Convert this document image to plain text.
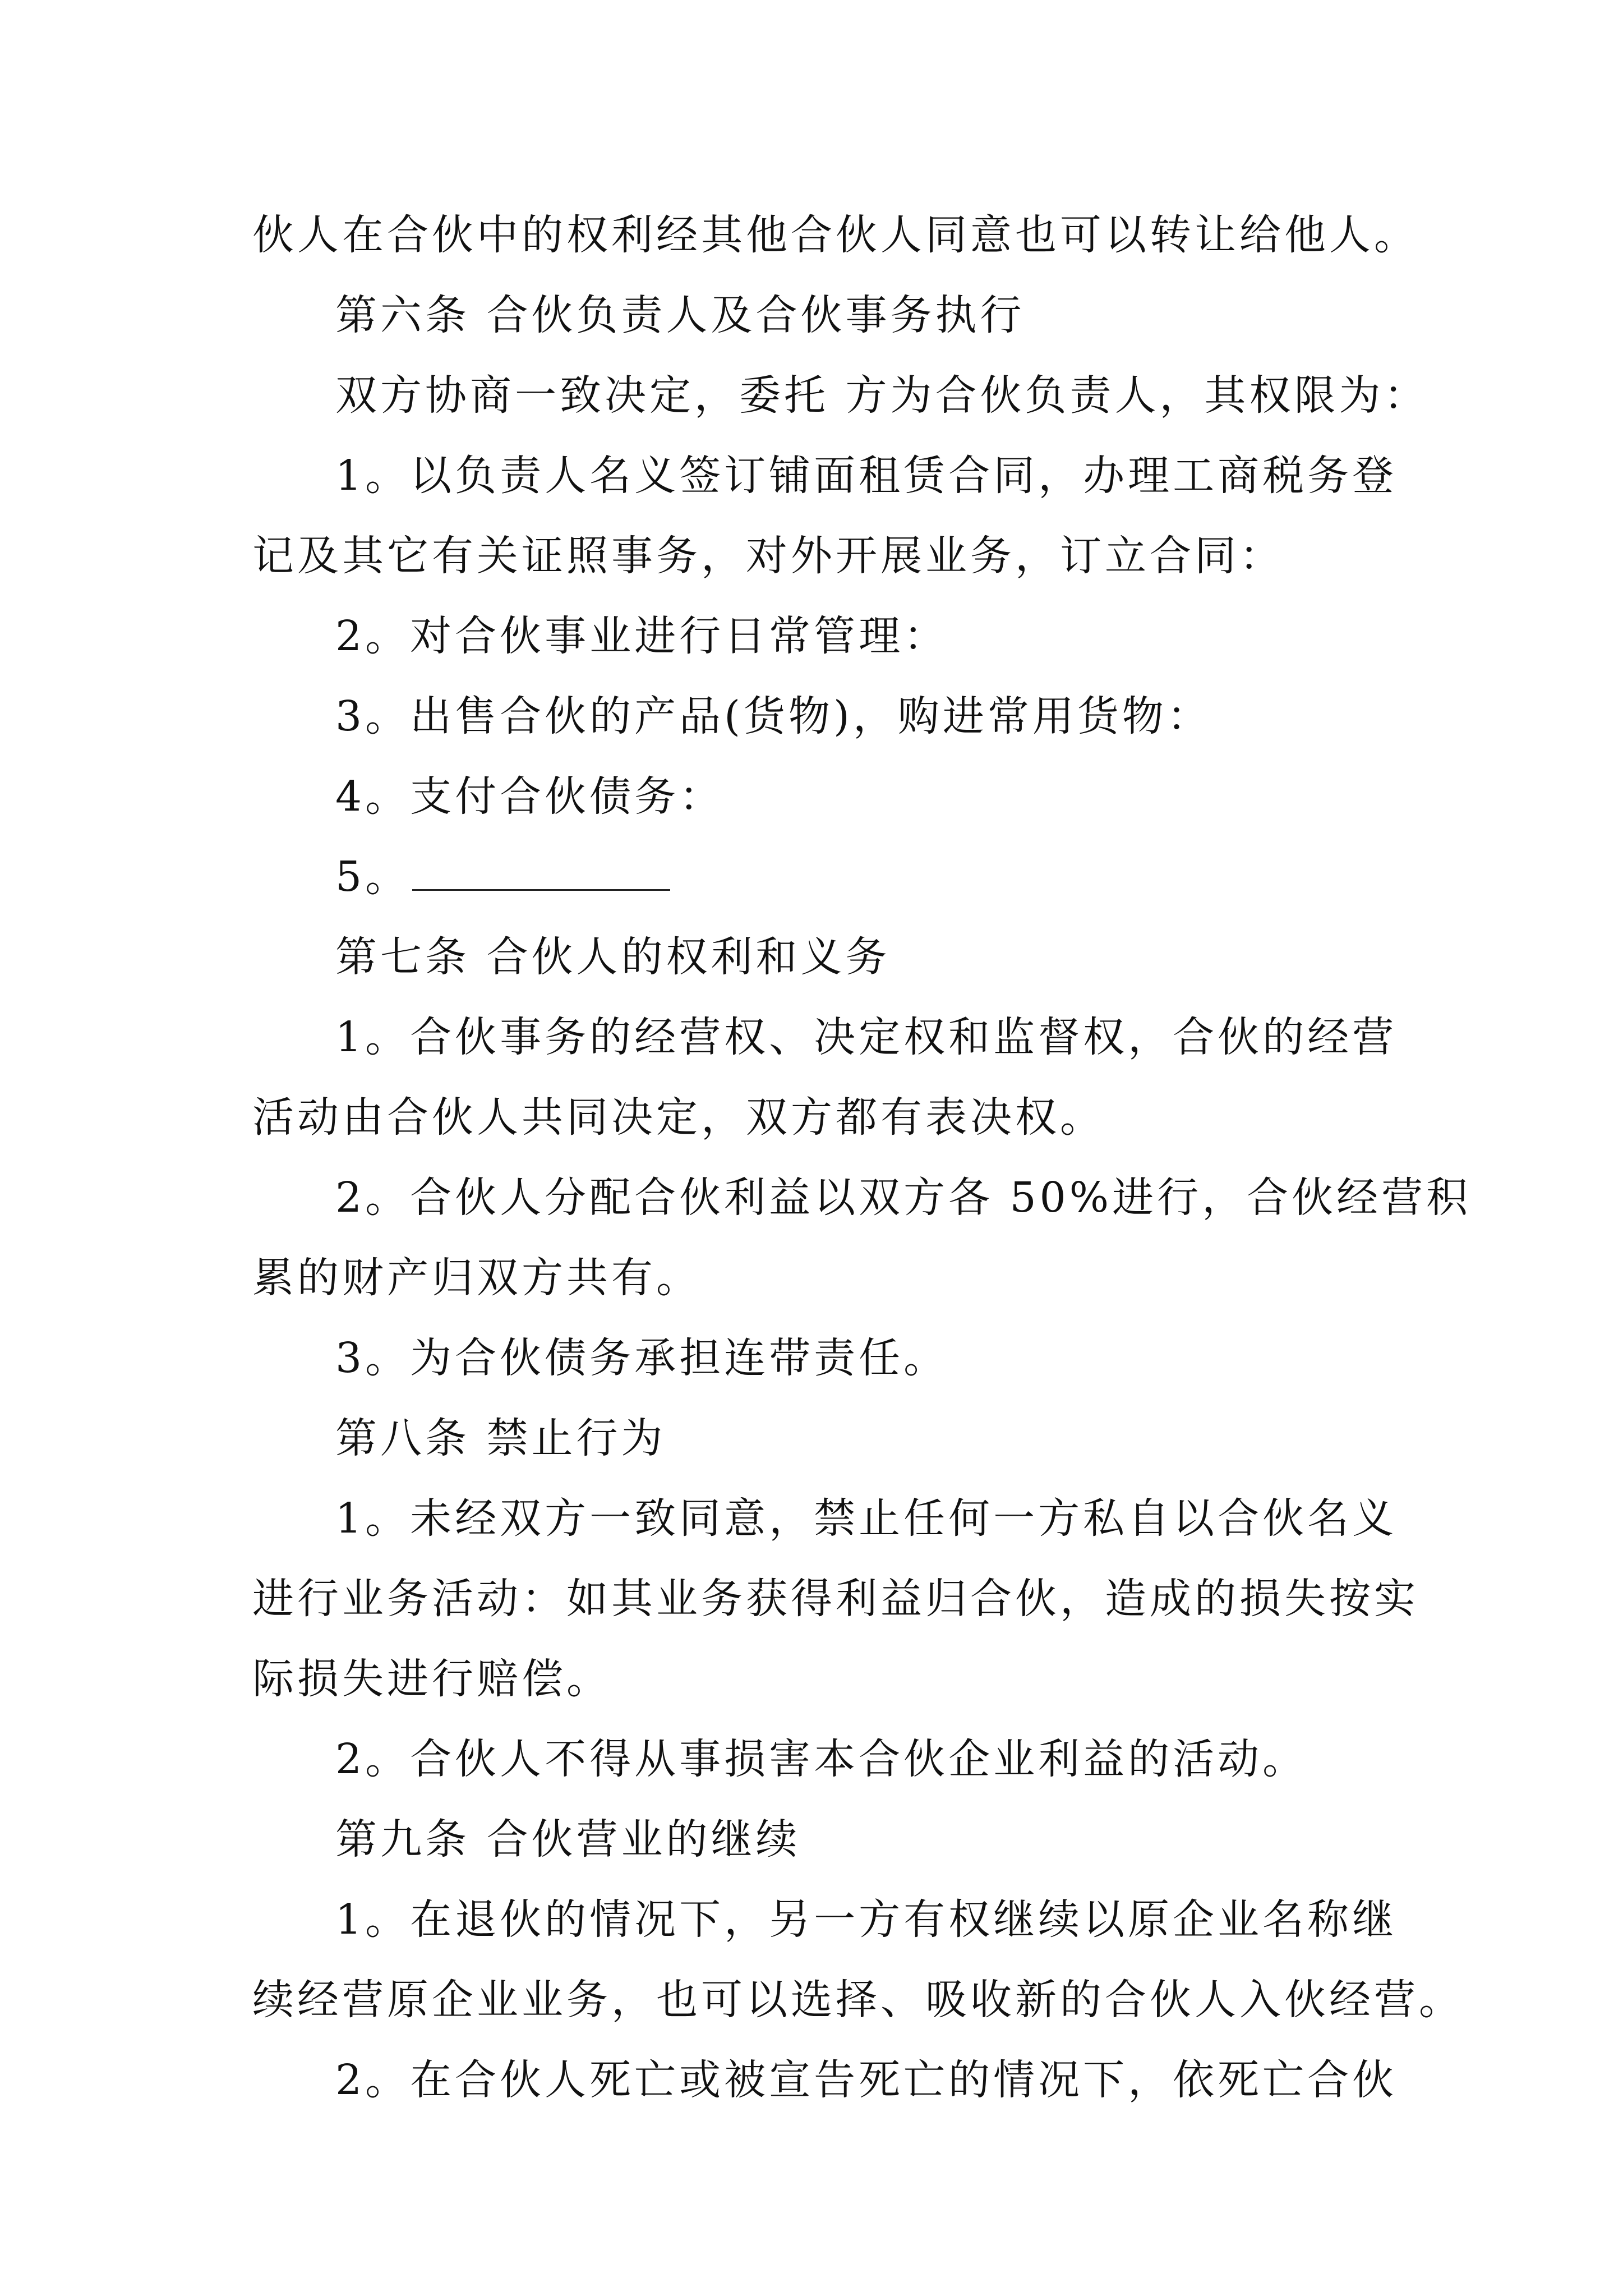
伙人在合伙中的权利经其他合伙人同意也可以转让给他人。
第六条 合伙负责人及合伙事务执行
双方协商一致决定，委托 方为合伙负责人，其权限为：
1。以负责人名义签订铺面租赁合同，办理工商税务登
记及其它有关证照事务，对外开展业务，订立合同：
2。对合伙事业进行日常管理：
3。出售合伙的产品(货物)，购进常用货物：
4。支付合伙债务：
5。
第七条 合伙人的权利和义务
1。合伙事务的经营权、决定权和监督权，合伙的经营
活动由合伙人共同决定，双方都有表决权。
2。合伙人分配合伙利益以双方各 50%进行，合伙经营积
累的财产归双方共有。
3。为合伙债务承担连带责任。
第八条 禁止行为
1。未经双方一致同意，禁止任何一方私自以合伙名义
进行业务活动：如其业务获得利益归合伙，造成的损失按实
际损失进行赔偿。
2。合伙人不得从事损害本合伙企业利益的活动。
第九条 合伙营业的继续
1。在退伙的情况下，另一方有权继续以原企业名称继
续经营原企业业务，也可以选择、吸收新的合伙人入伙经营。
2。在合伙人死亡或被宣告死亡的情况下，依死亡合伙
